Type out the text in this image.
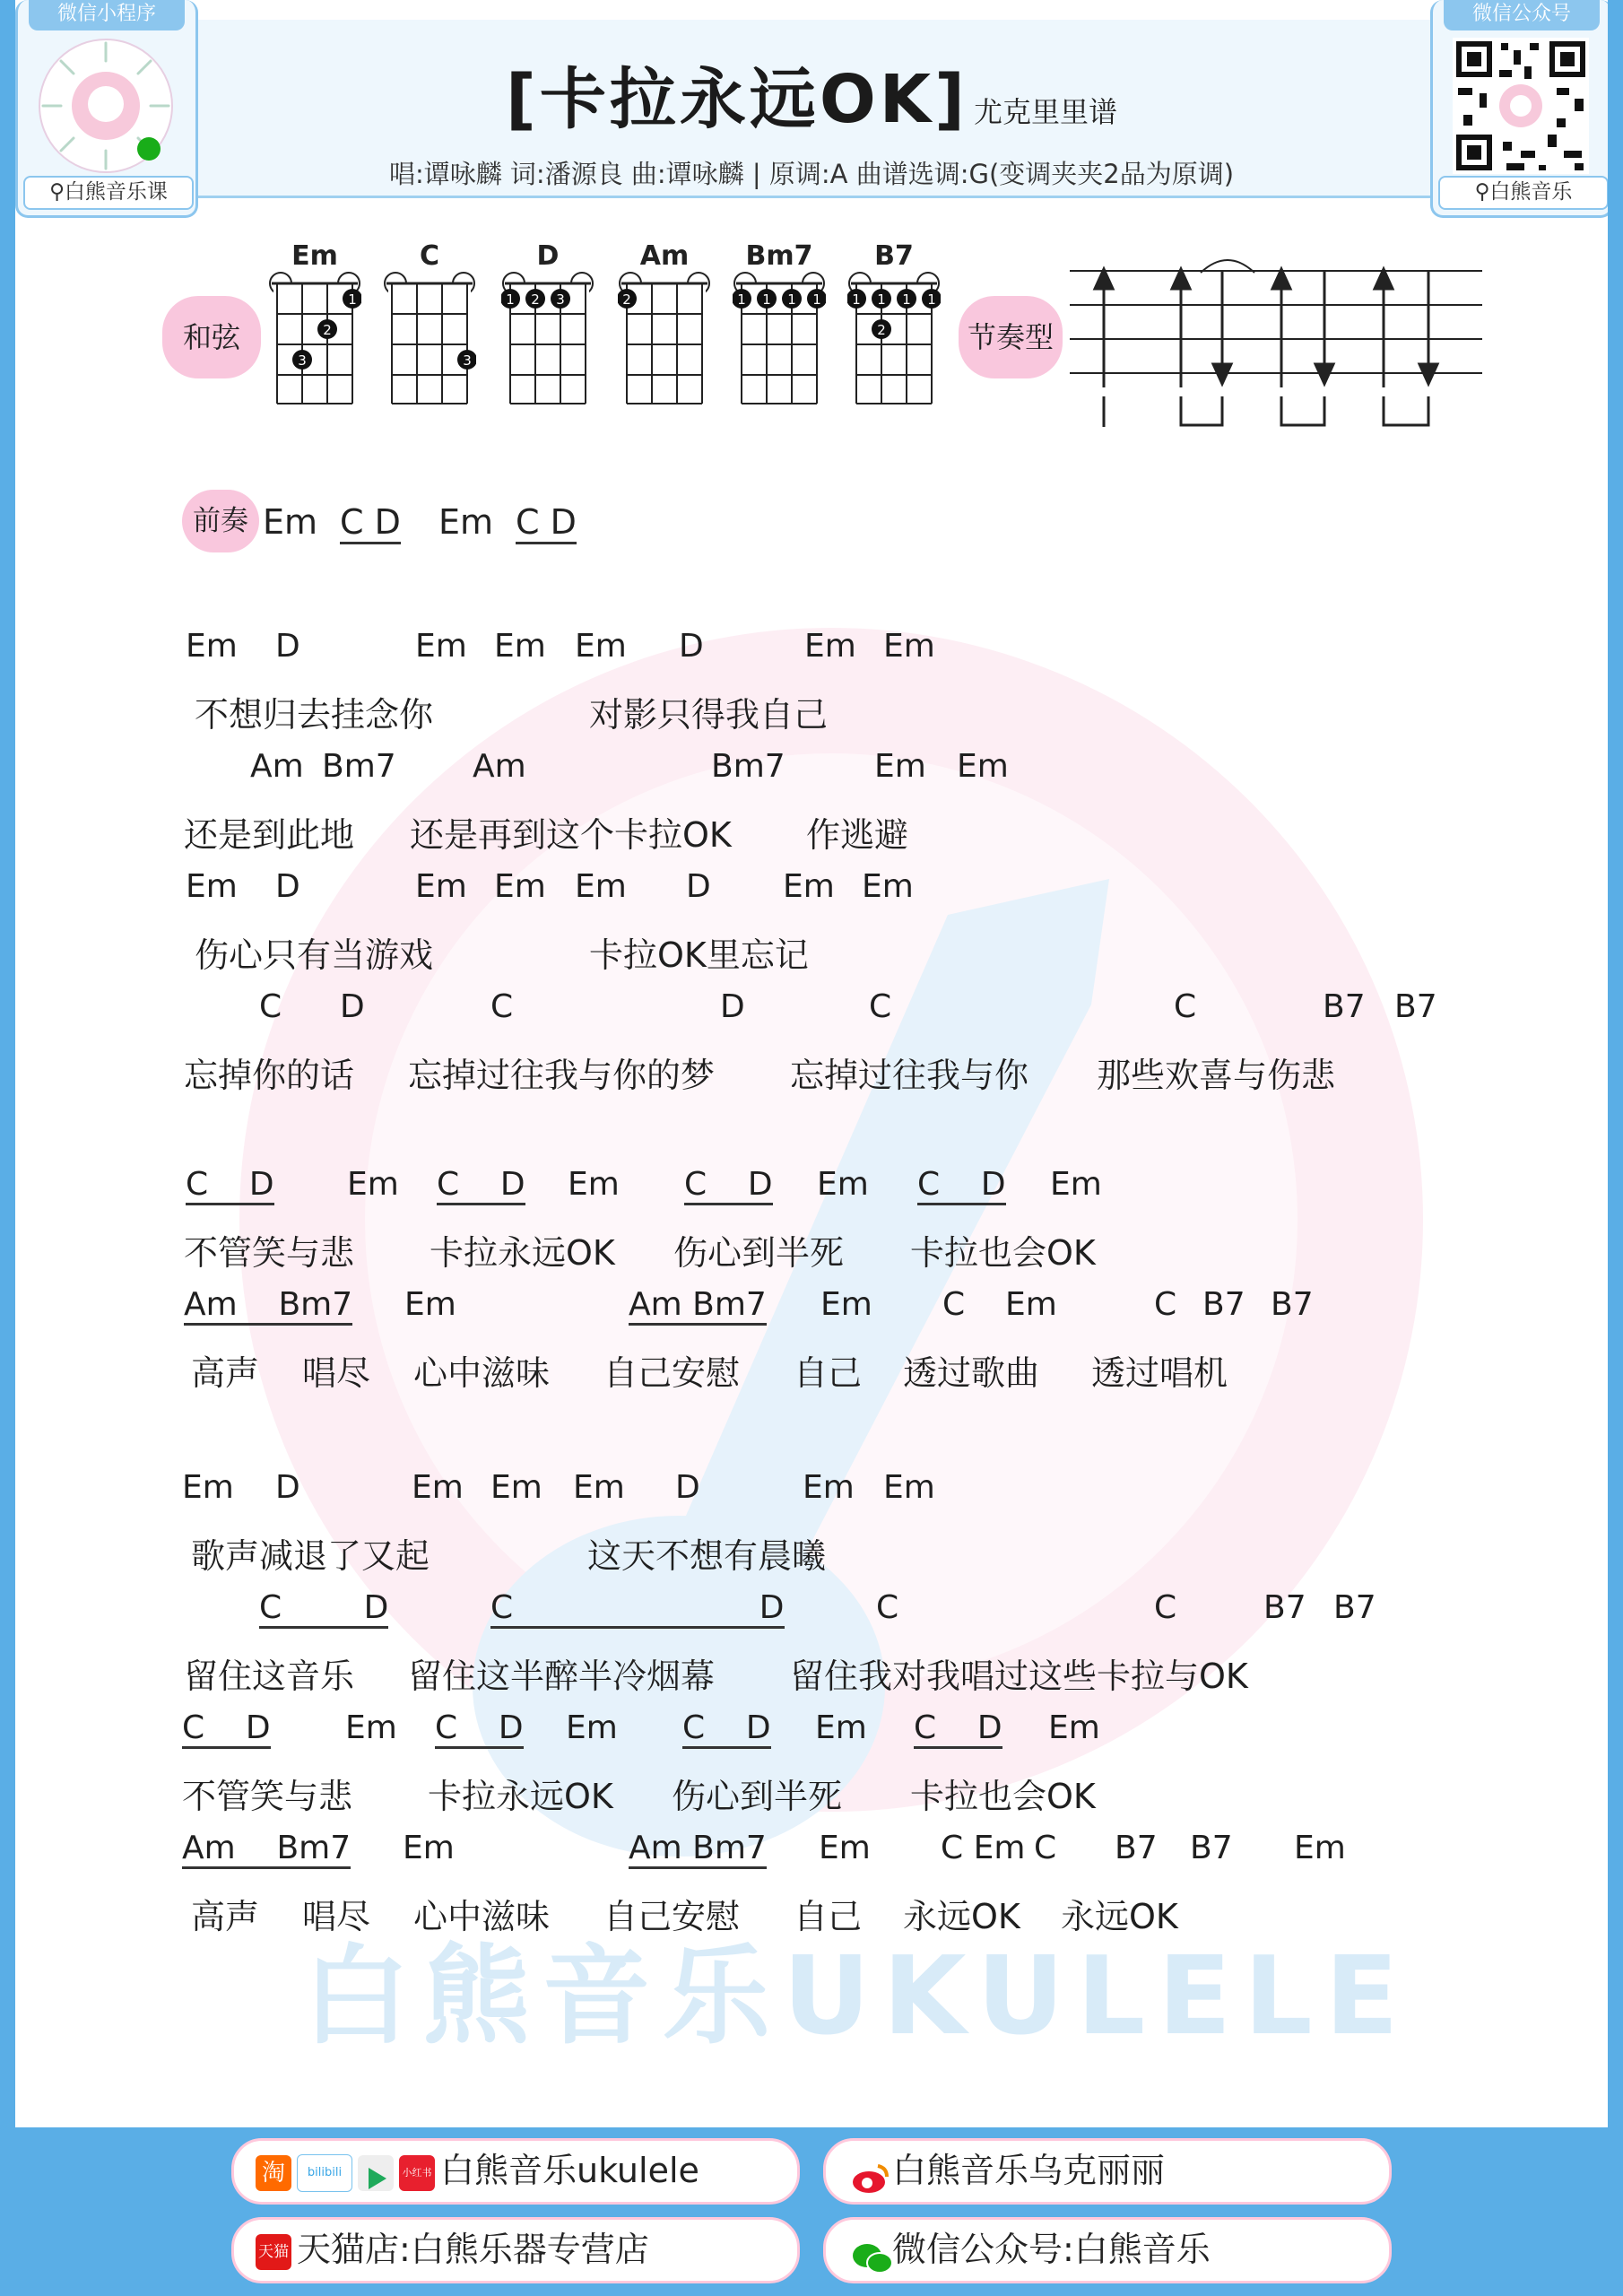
[卡拉永远OK] 尤克里里谱
唱:谭咏麟 词:潘源良 曲:谭咏麟 | 原调:A 曲谱选调:G(变调夹夹2品为原调)
微信小程序
⚲白熊音乐课
微信公众号
⚲白熊音乐
和弦
Em
1
2
3
C
3
D
1 2 3
Am
2
Bm7
1 1 1 1
B7
1 1 1 1
2	节奏型
前奏 Em C D Em C D
Em D	Em Em Em D	Em Em
不想归去挂念你	对影只得我自己
Am Bm7 Am	Bm7	Em Em
还是到此地 还是再到这个卡拉OK 作逃避
Em D	Em Em Em D Em Em
伤心只有当游戏	卡拉OK里忘记
C D	C	D	C	C	B7 B7
忘掉你的话 忘掉过往我与你的梦 忘掉过往我与你 那些欢喜与伤悲
C    D Em C    D Em C    D Em C    D Em
不管笑与悲 卡拉永远OK 伤心到半死 卡拉也会OK
Am    Bm7 Em	Am Bm7 Em C Em	C B7 B7
高声 唱尽 心中滋味 自己安慰 自己 透过歌曲 透过唱机
Em D	Em Em Em D	Em Em
歌声减退了又起	这天不想有晨曦
C        D	C                        D	C	C	B7 B7
留住这音乐 留住这半醉半冷烟幕 留住我对我唱过这些卡拉与OK
C    D Em C    D Em C    D Em C    D Em
不管笑与悲 卡拉永远OK 伤心到半死 卡拉也会OK
Am    Bm7 Em	Am Bm7 Em C Em C B7 B7 Em
高声 唱尽 心中滋味 自己安慰 自己 永远OK 永远OK
白熊音乐UKULELE
淘 bilibili	小红书 白熊音乐ukulele	白熊音乐乌克丽丽
天猫 天猫店:白熊乐器专营店	微信公众号:白熊音乐
